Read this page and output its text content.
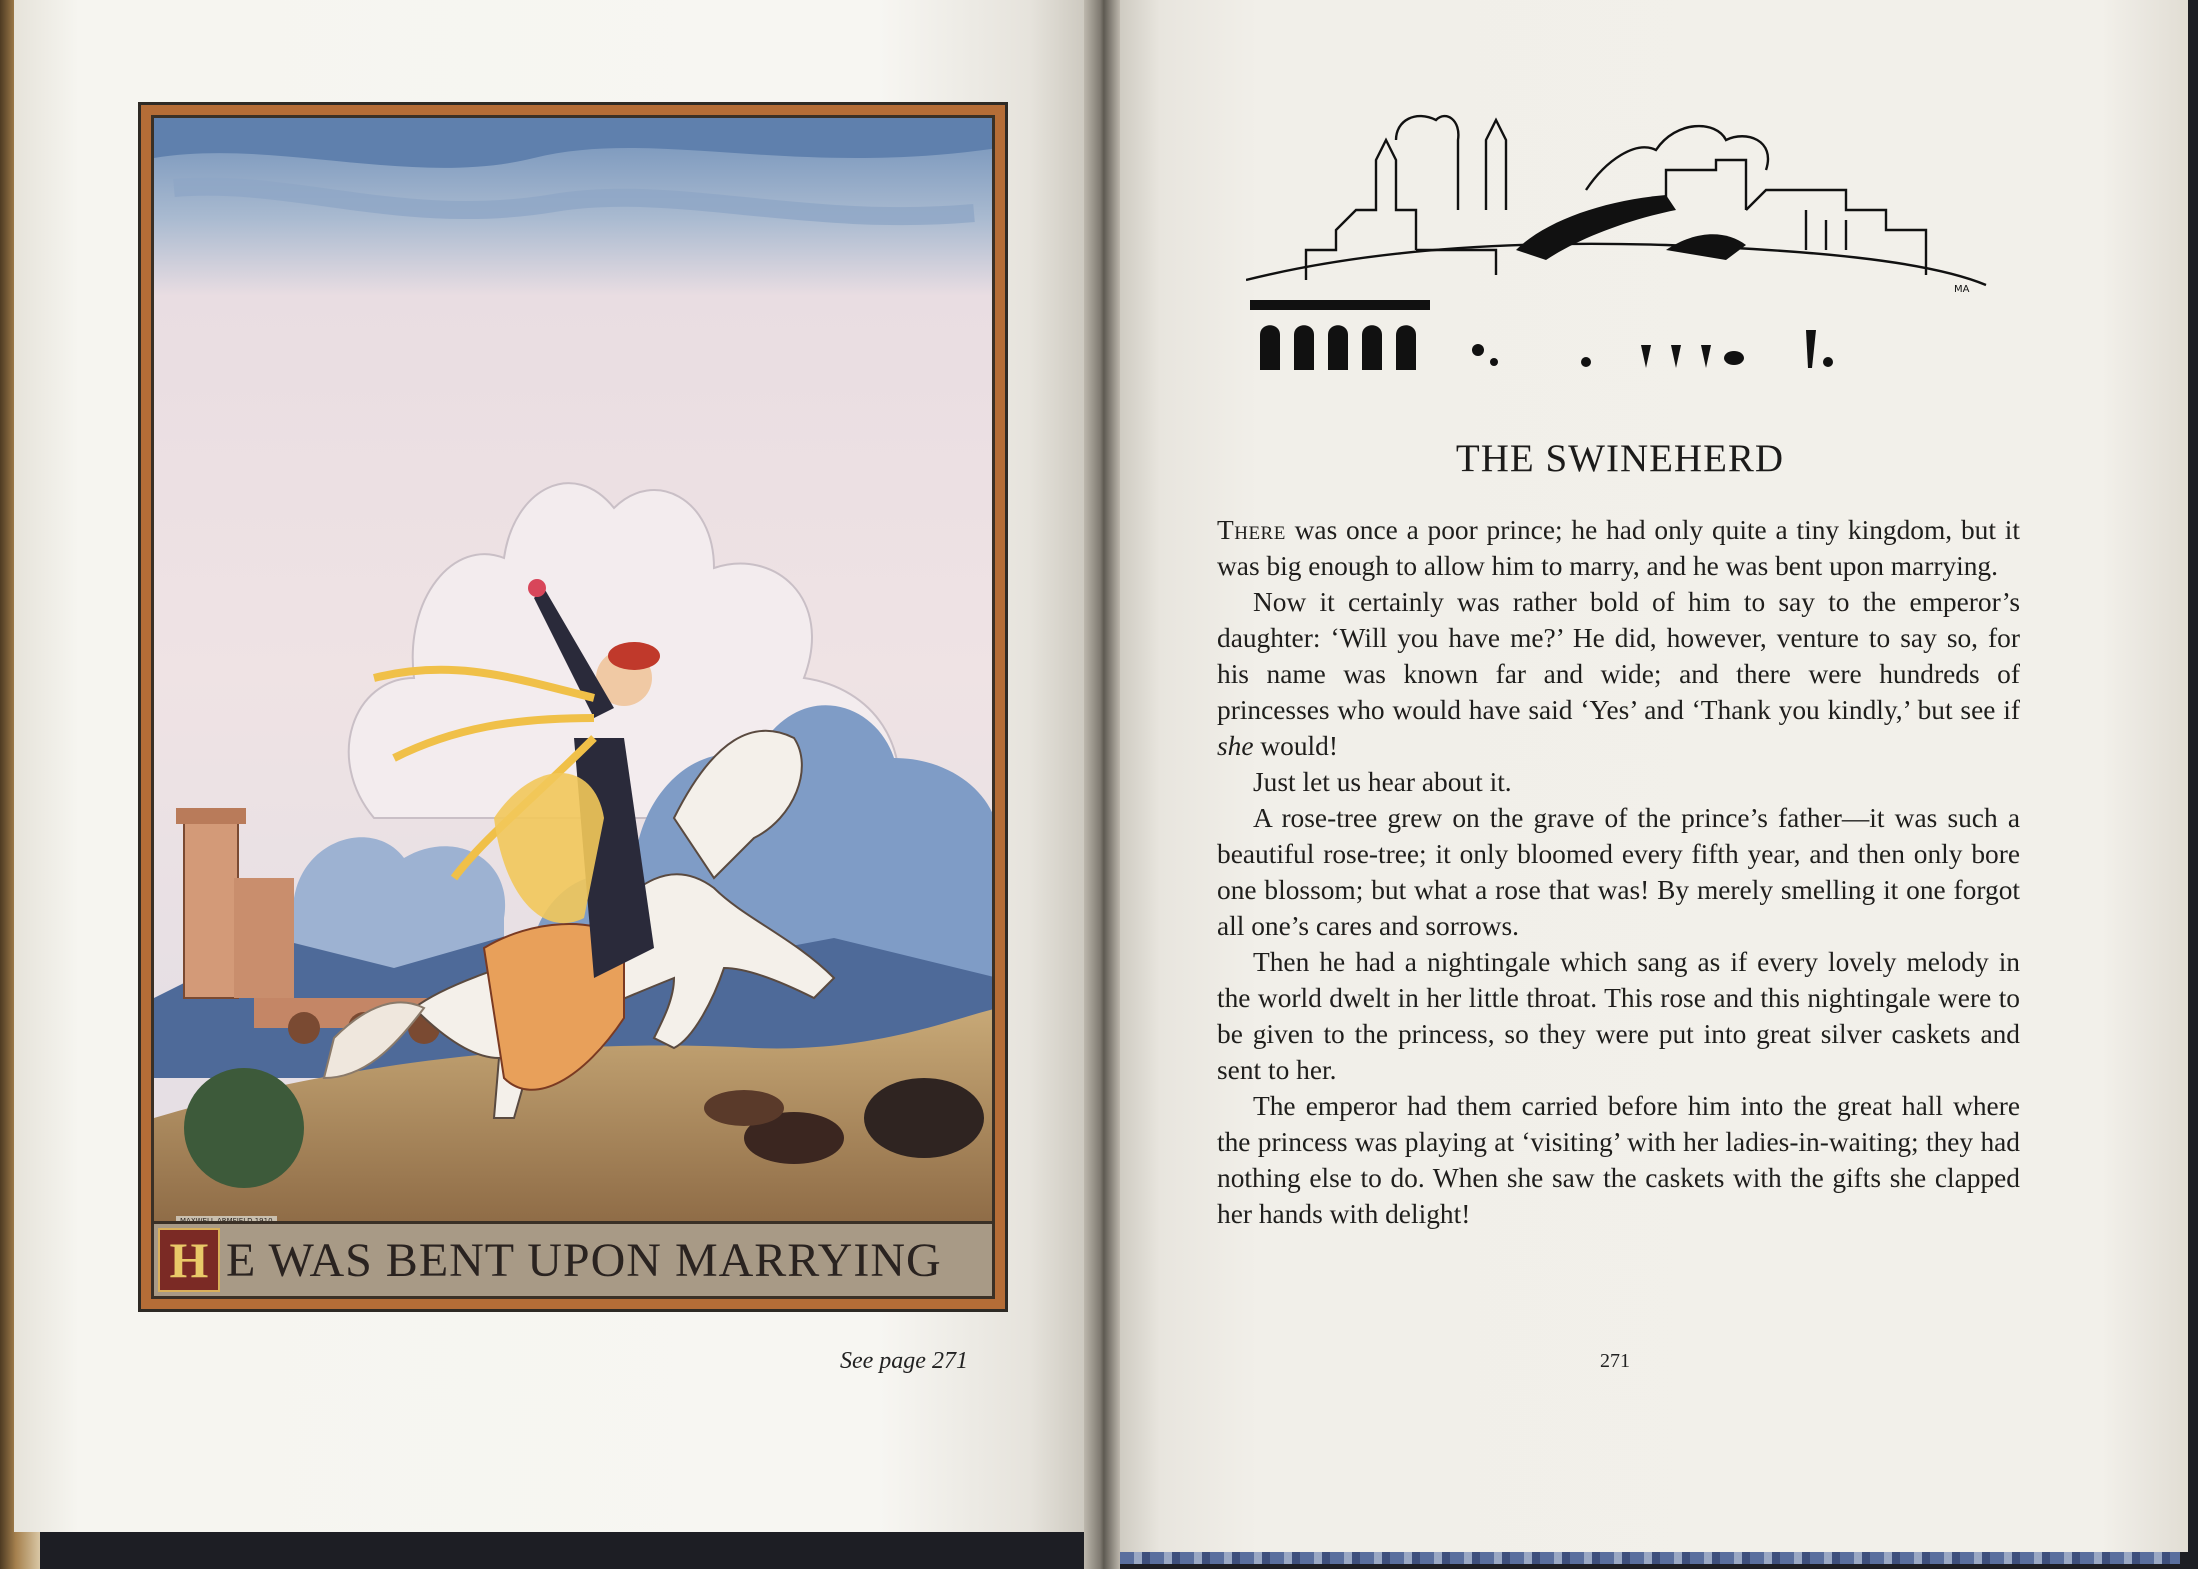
H E WAS BENT UPON MARRYING
See page 271
MA
THE SWINEHERD

There was once a poor prince; he had only quite a tiny kingdom, but it was big enough to allow him to marry, and he was bent upon marrying.

Now it certainly was rather bold of him to say to the emperor’s daughter: ‘Will you have me?’ He did, however, venture to say so, for his name was known far and wide; and there were hundreds of princesses who would have said ‘Yes’ and ‘Thank you kindly,’ but see if she would!

Just let us hear about it.

A rose-tree grew on the grave of the prince’s father—it was such a beautiful rose-tree; it only bloomed every fifth year, and then only bore one blossom; but what a rose that was! By merely smelling it one forgot all one’s cares and sorrows.

Then he had a nightingale which sang as if every lovely melody in the world dwelt in her little throat. This rose and this nightingale were to be given to the princess, so they were put into great silver caskets and sent to her.

The emperor had them carried before him into the great hall where the princess was playing at ‘visiting’ with her ladies-in-waiting; they had nothing else to do. When she saw the caskets with the gifts she clapped her hands with delight!

271
